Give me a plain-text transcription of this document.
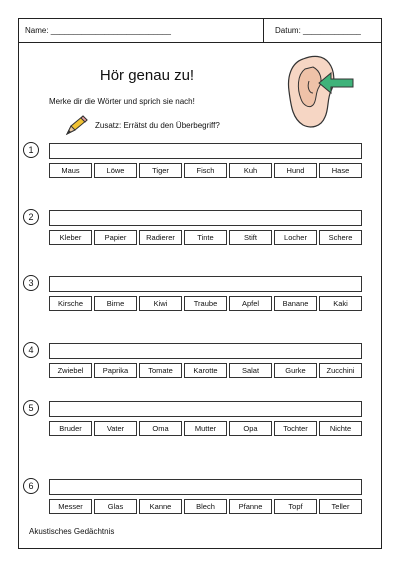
Name: ___________________________	Datum: _____________
Hör genau zu!
Merke dir die Wörter und sprich sie nach!
Zusatz: Errätst du den Überbegriff?
1
Maus	Löwe	Tiger	Fisch	Kuh	Hund	Hase
2
Kleber	Papier	Radierer	Tinte	Stift	Locher	Schere
3
Kirsche	Birne	Kiwi	Traube	Apfel	Banane	Kaki
4
Zwiebel	Paprika	Tomate	Karotte	Salat	Gurke	Zucchini
5
Bruder	Vater	Oma	Mutter	Opa	Tochter	Nichte
6
Messer	Glas	Kanne	Blech	Pfanne	Topf	Teller
Akustisches Gedächtnis
